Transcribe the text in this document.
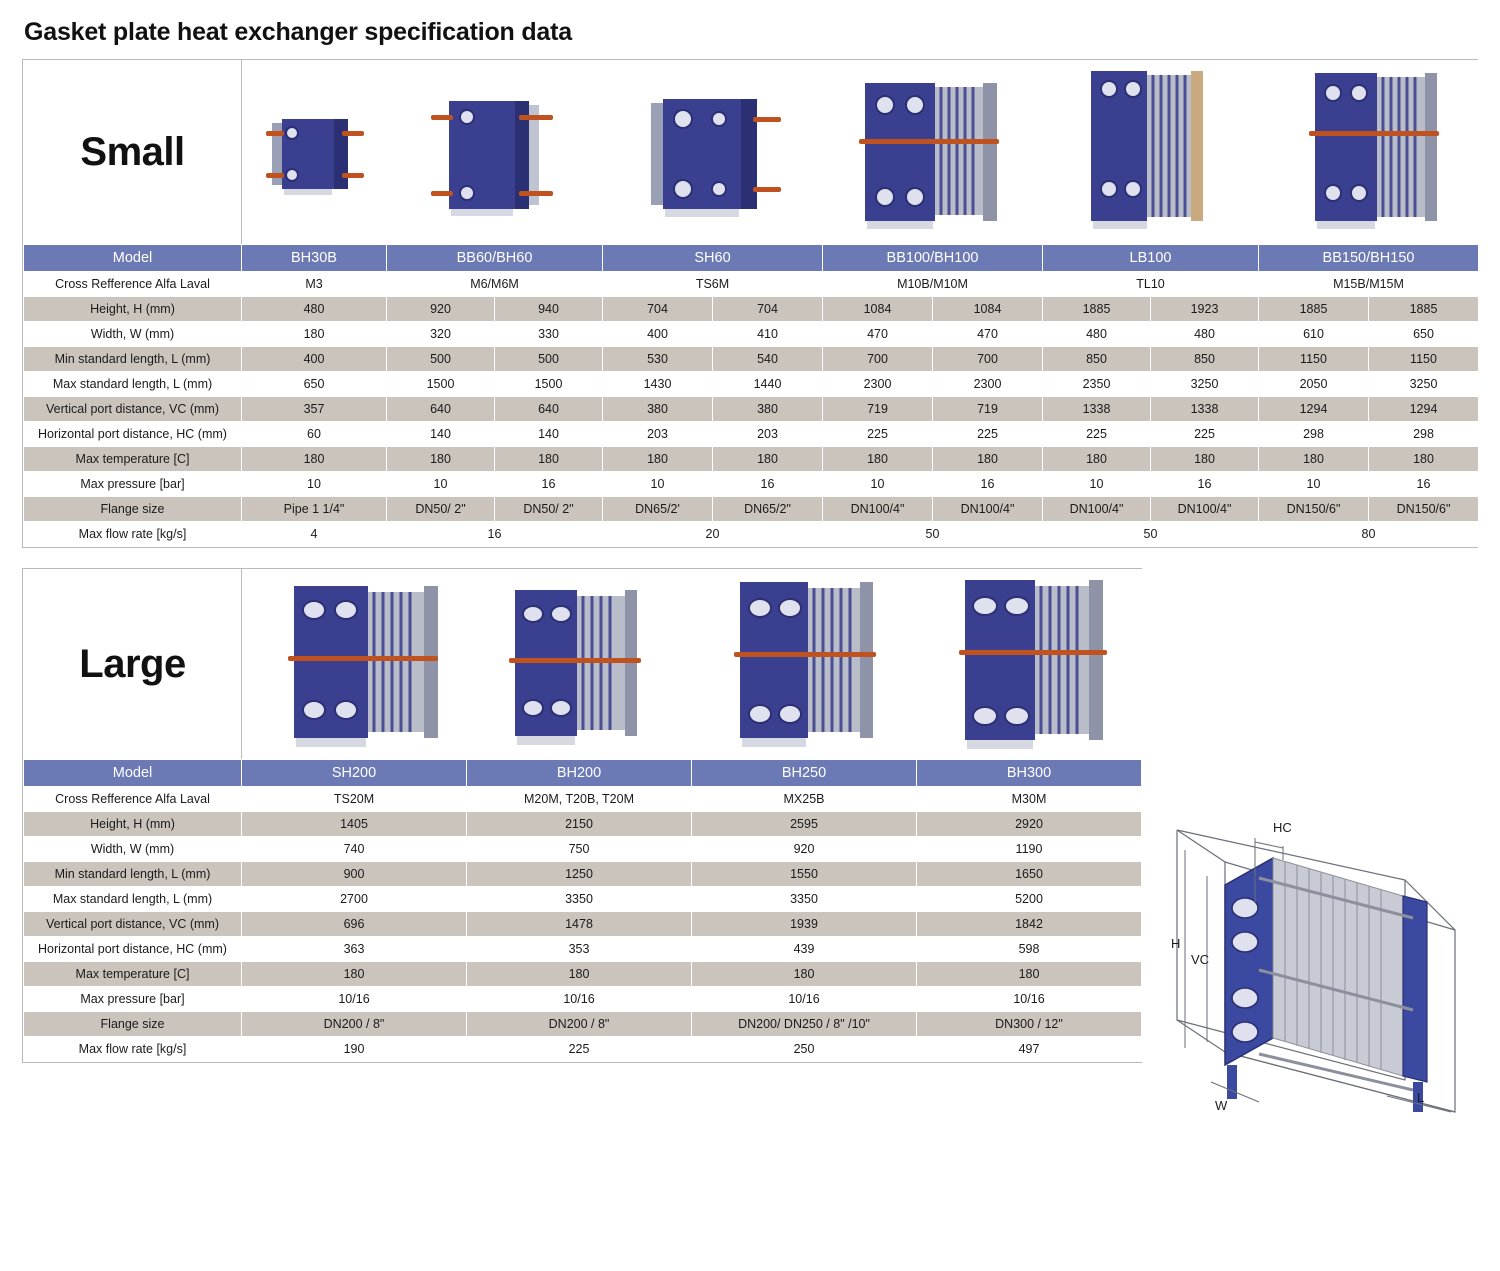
Gasket plate heat exchanger specification data
Small	

Model	BH30B	BB60/BH60		SH60		BB100/BH100		LB100		BB150/BH150	
Cross Refference Alfa Laval	M3	M6/M6M		TS6M		M10B/M10M		TL10		M15B/M15M	
Height, H (mm)	480	920	940	704	704	1084	1084	1885	1923	1885	1885
Width, W (mm)	180	320	330	400	410	470	470	480	480	610	650
Min standard length, L (mm)	400	500	500	530	540	700	700	850	850	1150	1150
Max standard length, L (mm)	650	1500	1500	1430	1440	2300	2300	2350	3250	2050	3250
Vertical port distance, VC (mm)	357	640	640	380	380	719	719	1338	1338	1294	1294
Horizontal port distance, HC (mm)	60	140	140	203	203	225	225	225	225	298	298
Max temperature [C]	180	180	180	180	180	180	180	180	180	180	180
Max pressure [bar]	10	10	16	10	16	10	16	10	16	10	16
Flange size	Pipe 1 1/4"	DN50/ 2"	DN50/ 2"	DN65/2'	DN65/2"	DN100/4"	DN100/4"	DN100/4"	DN100/4"	DN150/6"	DN150/6"
Max flow rate [kg/s]	4	16		20		50		50		80	
Large	

Model	SH200	BH200	BH250	BH300
Cross Refference Alfa Laval	TS20M	M20M, T20B, T20M	MX25B	M30M
Height, H (mm)	1405	2150	2595	2920
Width, W (mm)	740	750	920	1190
Min standard length, L (mm)	900	1250	1550	1650
Max standard length, L (mm)	2700	3350	3350	5200
Vertical port distance, VC (mm)	696	1478	1939	1842
Horizontal port distance, HC (mm)	363	353	439	598
Max temperature [C]	180	180	180	180
Max pressure [bar]	10/16	10/16	10/16	10/16
Flange size	DN200 / 8"	DN200 / 8"	DN200/ DN250 / 8" /10"	DN300 / 12"
Max flow rate [kg/s]	190	225	250	497
HC
H
VC
W
L
